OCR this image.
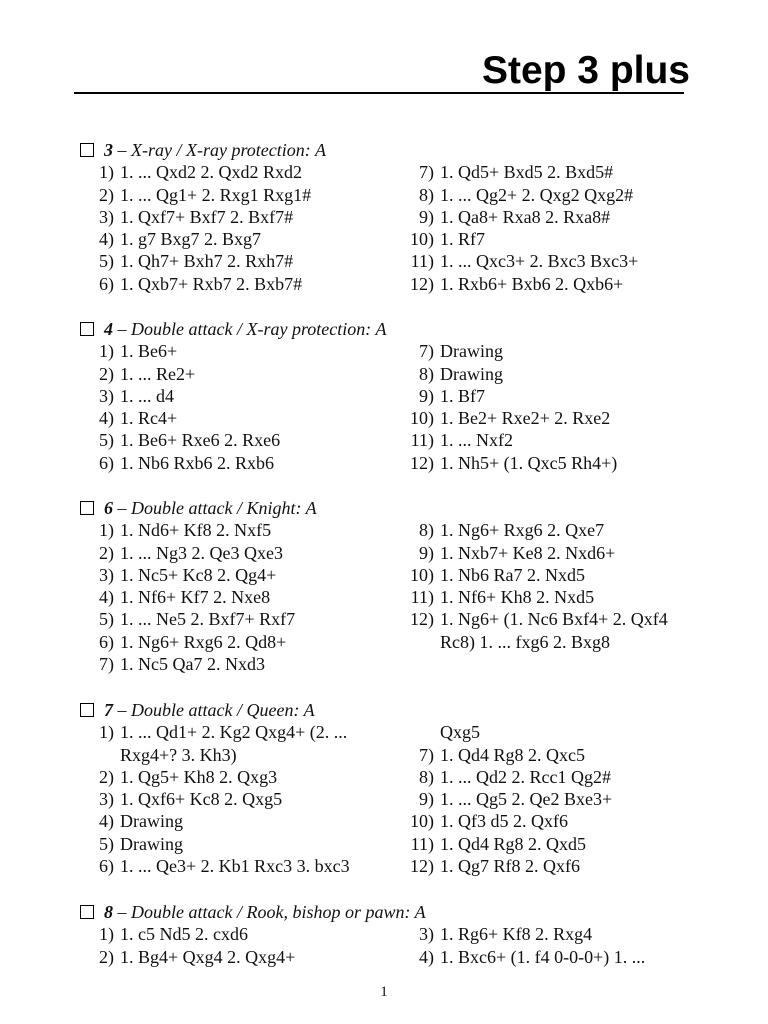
Step 3 plus
3 – X-ray / X-ray protection: A
1) 1. ... Qxd2 2. Qxd2 Rxd2
2) 1. ... Qg1+ 2. Rxg1 Rxg1#
3) 1. Qxf7+ Bxf7 2. Bxf7#
4) 1. g7 Bxg7 2. Bxg7
5) 1. Qh7+ Bxh7 2. Rxh7#
6) 1. Qxb7+ Rxb7 2. Bxb7#
7) 1. Qd5+ Bxd5 2. Bxd5#
8) 1. ... Qg2+ 2. Qxg2 Qxg2#
9) 1. Qa8+ Rxa8 2. Rxa8#
10) 1. Rf7
11) 1. ... Qxc3+ 2. Bxc3 Bxc3+
12) 1. Rxb6+ Bxb6 2. Qxb6+
4 – Double attack / X-ray protection: A
1) 1. Be6+
2) 1. ... Re2+
3) 1. ... d4
4) 1. Rc4+
5) 1. Be6+ Rxe6 2. Rxe6
6) 1. Nb6 Rxb6 2. Rxb6
7) Drawing
8) Drawing
9) 1. Bf7
10) 1. Be2+ Rxe2+ 2. Rxe2
11) 1. ... Nxf2
12) 1. Nh5+ (1. Qxc5 Rh4+)
6 – Double attack / Knight: A
1) 1. Nd6+ Kf8 2. Nxf5
2) 1. ... Ng3 2. Qe3 Qxe3
3) 1. Nc5+ Kc8 2. Qg4+
4) 1. Nf6+ Kf7 2. Nxe8
5) 1. ... Ne5 2. Bxf7+ Rxf7
6) 1. Ng6+ Rxg6 2. Qd8+
7) 1. Nc5 Qa7 2. Nxd3
8) 1. Ng6+ Rxg6 2. Qxe7
9) 1. Nxb7+ Ke8 2. Nxd6+
10) 1. Nb6 Ra7 2. Nxd5
11) 1. Nf6+ Kh8 2. Nxd5
12) 1. Ng6+ (1. Nc6 Bxf4+ 2. Qxf4
Rc8) 1. ... fxg6 2. Bxg8
7 – Double attack / Queen: A
1) 1. ... Qd1+ 2. Kg2 Qxg4+ (2. ...
Rxg4+? 3. Kh3)
2) 1. Qg5+ Kh8 2. Qxg3
3) 1. Qxf6+ Kc8 2. Qxg5
4) Drawing
5) Drawing
6) 1. ... Qe3+ 2. Kb1 Rxc3 3. bxc3
Qxg5
7) 1. Qd4 Rg8 2. Qxc5
8) 1. ... Qd2 2. Rcc1 Qg2#
9) 1. ... Qg5 2. Qe2 Bxe3+
10) 1. Qf3 d5 2. Qxf6
11) 1. Qd4 Rg8 2. Qxd5
12) 1. Qg7 Rf8 2. Qxf6
8 – Double attack / Rook, bishop or pawn: A
1) 1. c5 Nd5 2. cxd6
2) 1. Bg4+ Qxg4 2. Qxg4+
3) 1. Rg6+ Kf8 2. Rxg4
4) 1. Bxc6+ (1. f4 0-0-0+) 1. ...
1
